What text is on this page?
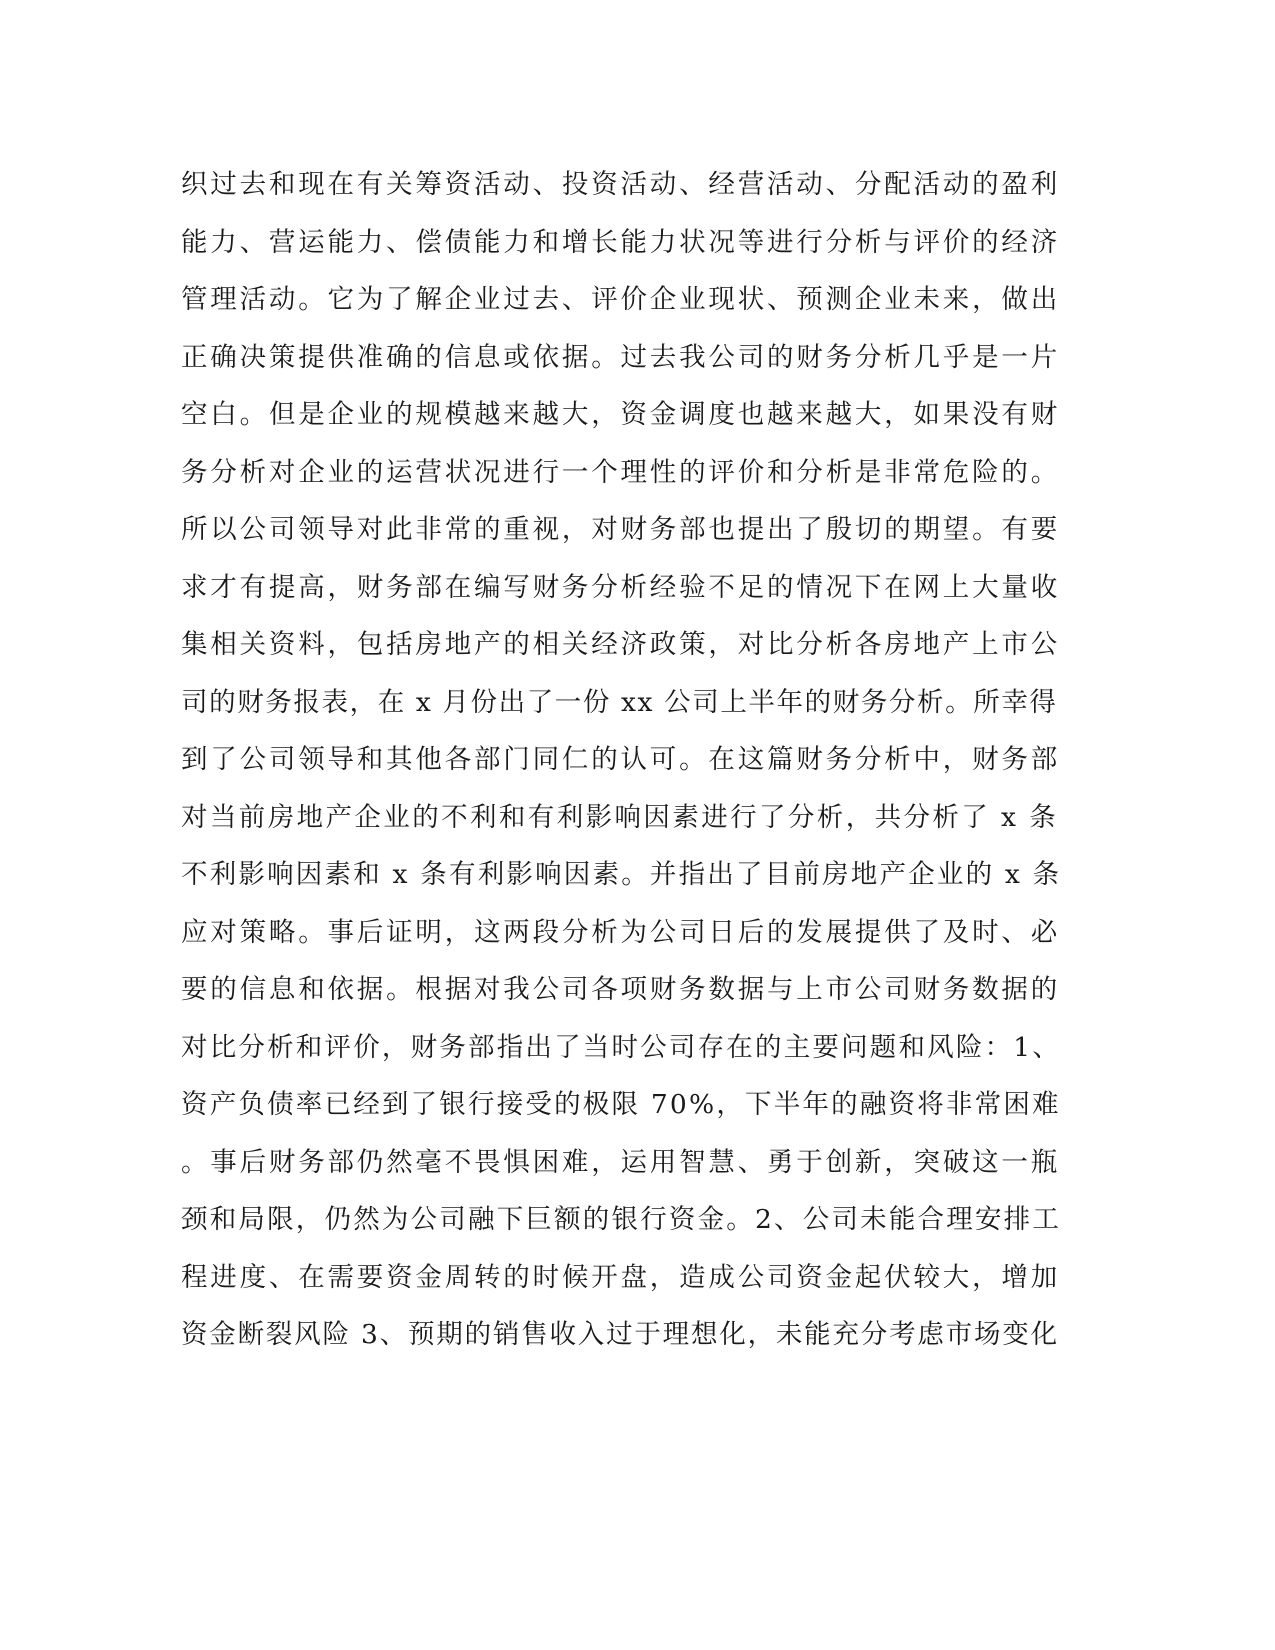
织过去和现在有关筹资活动、投资活动、经营活动、分配活动的盈利
能力、营运能力、偿债能力和增长能力状况等进行分析与评价的经济
管理活动。它为了解企业过去、评价企业现状、预测企业未来，做出
正确决策提供准确的信息或依据。过去我公司的财务分析几乎是一片
空白。但是企业的规模越来越大，资金调度也越来越大，如果没有财
务分析对企业的运营状况进行一个理性的评价和分析是非常危险的。
所以公司领导对此非常的重视，对财务部也提出了殷切的期望。有要
求才有提高，财务部在编写财务分析经验不足的情况下在网上大量收
集相关资料，包括房地产的相关经济政策，对比分析各房地产上市公
司的财务报表，在 x 月份出了一份 xx 公司上半年的财务分析。所幸得
到了公司领导和其他各部门同仁的认可。在这篇财务分析中，财务部
对当前房地产企业的不利和有利影响因素进行了分析，共分析了 x 条
不利影响因素和 x 条有利影响因素。并指出了目前房地产企业的 x 条
应对策略。事后证明，这两段分析为公司日后的发展提供了及时、必
要的信息和依据。根据对我公司各项财务数据与上市公司财务数据的
对比分析和评价，财务部指出了当时公司存在的主要问题和风险：1、
资产负债率已经到了银行接受的极限 70%，下半年的融资将非常困难
。事后财务部仍然毫不畏惧困难，运用智慧、勇于创新，突破这一瓶
颈和局限，仍然为公司融下巨额的银行资金。2、公司未能合理安排工
程进度、在需要资金周转的时候开盘，造成公司资金起伏较大，增加
资金断裂风险 3、预期的销售收入过于理想化，未能充分考虑市场变化
